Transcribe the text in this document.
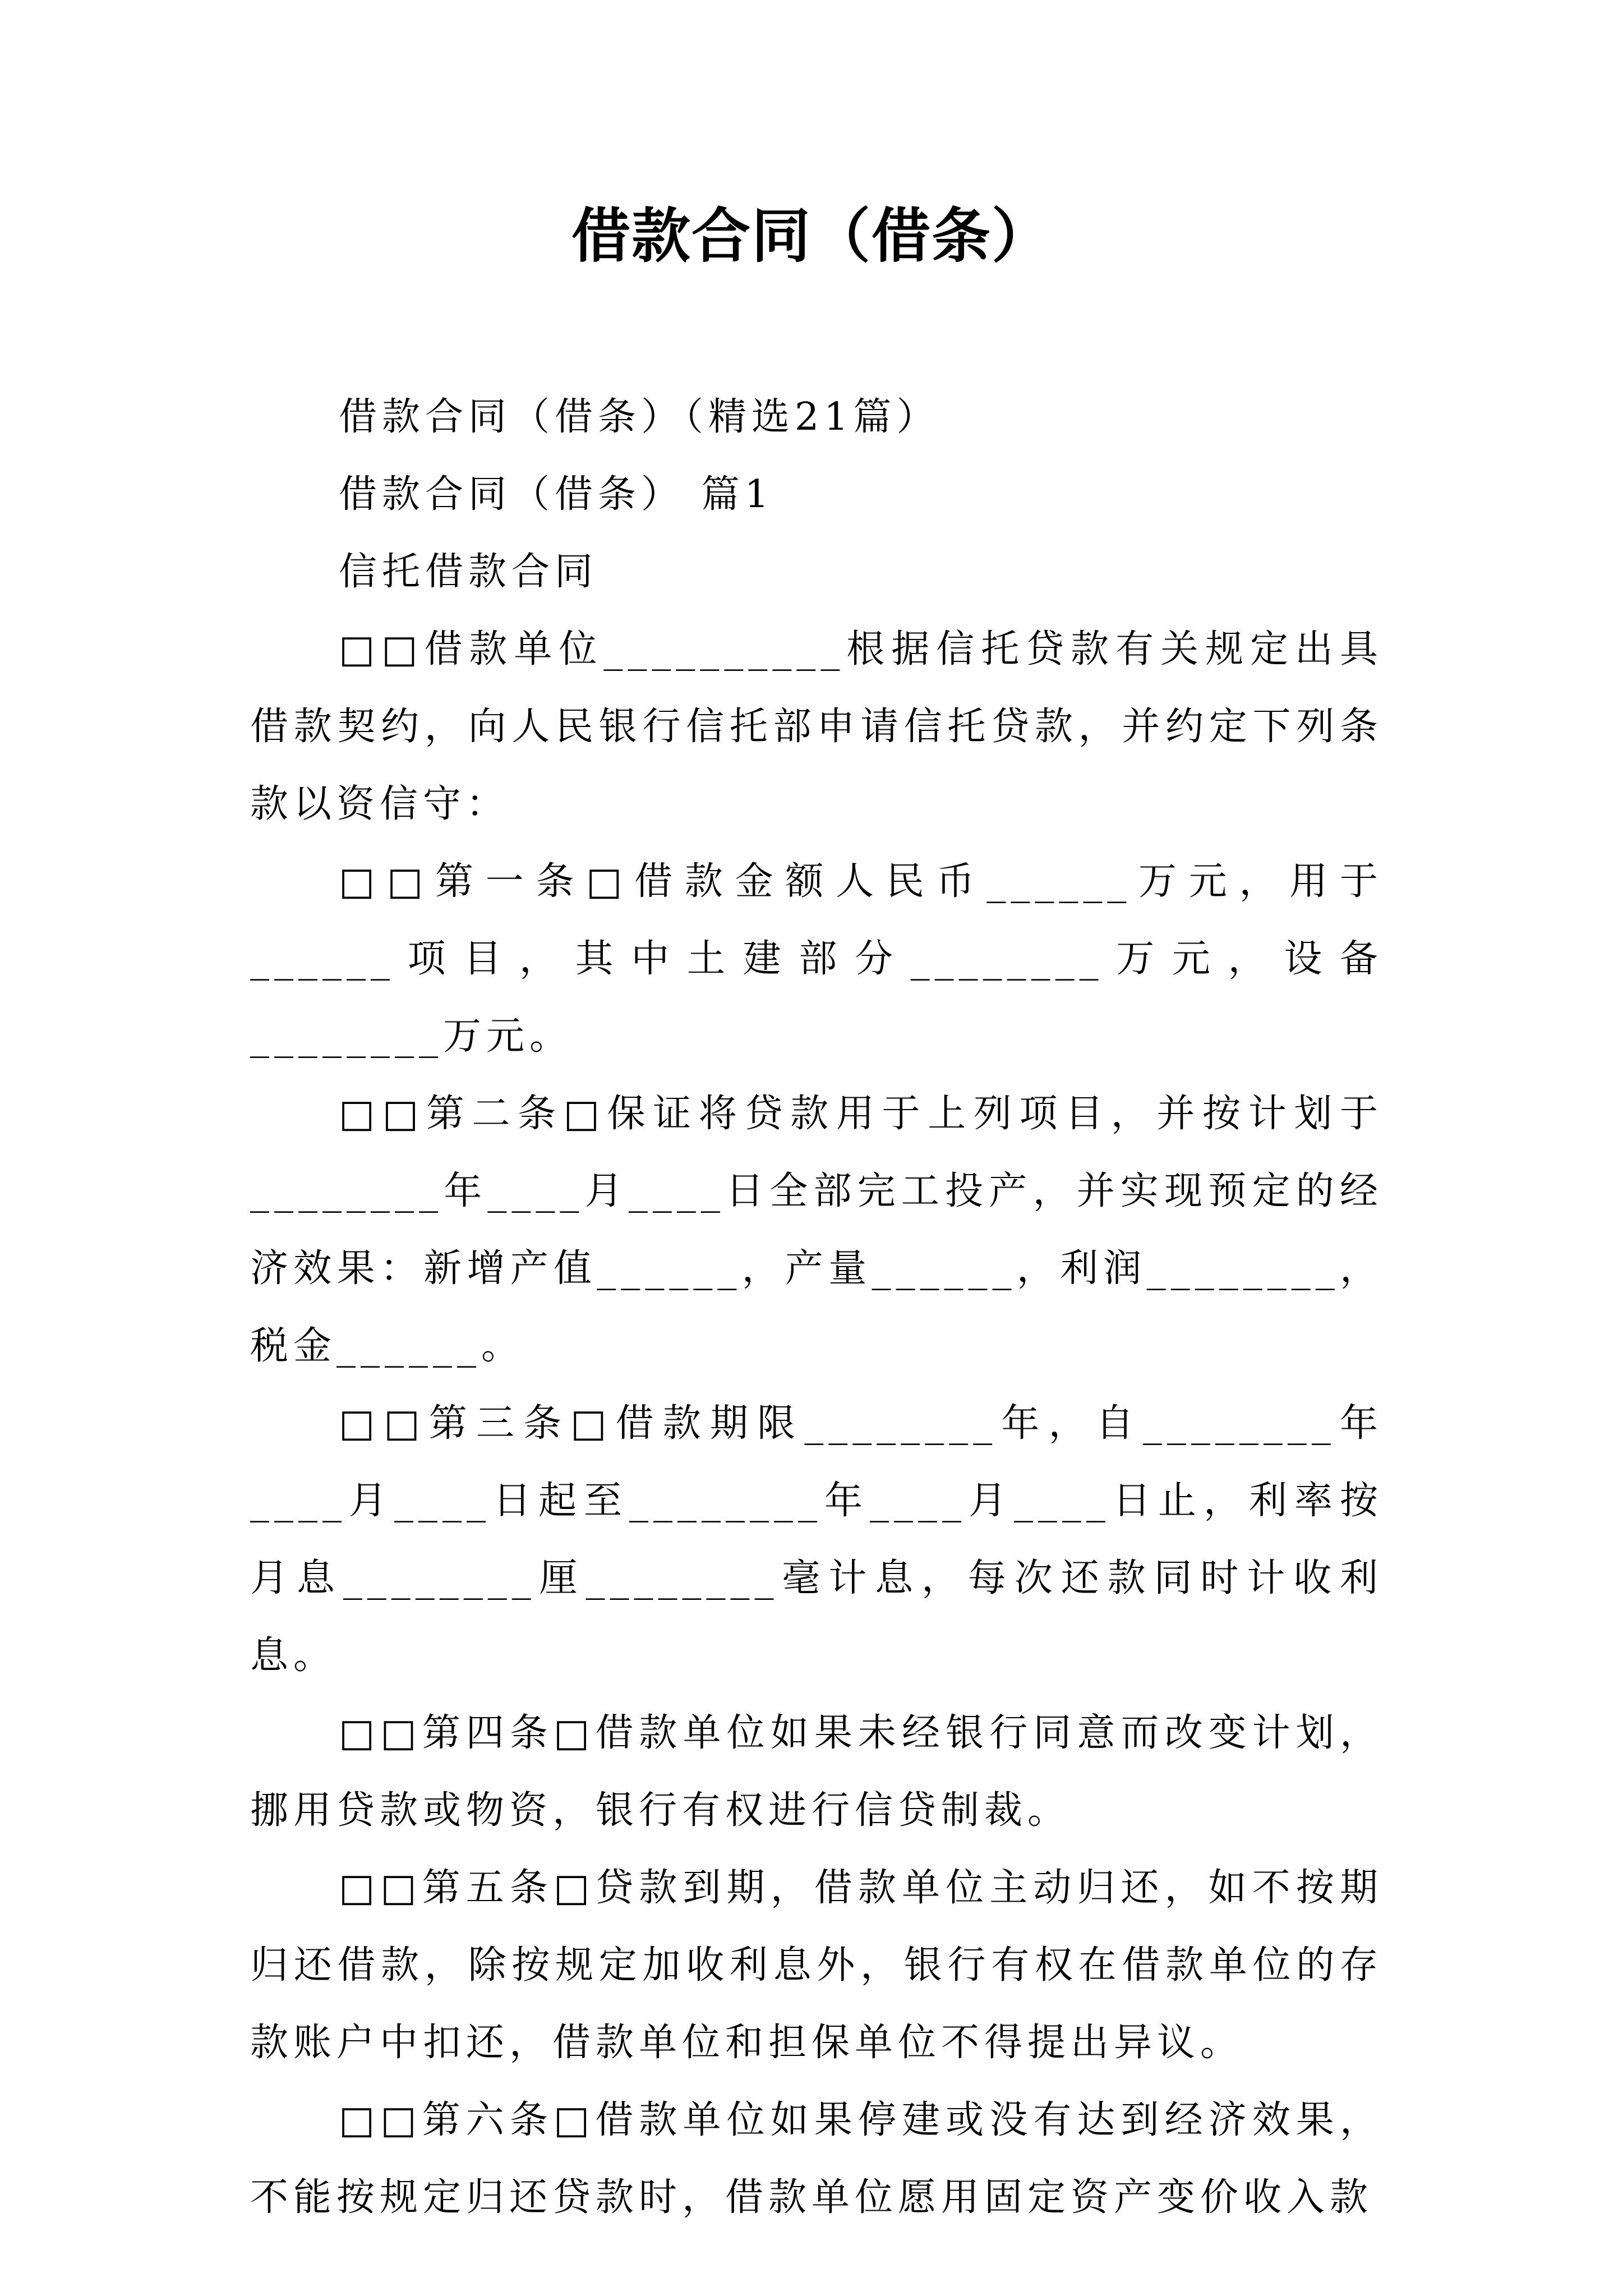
借款合同（借条）

借款合同（借条）（精选21篇）

借款合同（借条） 篇1

信托借款合同

□□借款单位__________根据信托贷款有关规定出具借款契约，向人民银行信托部申请信托贷款，并约定下列条款以资信守：

□□第一条□借款金额人民币______万元，用于______项目，其中土建部分________万元，设备________万元。

□□第二条□保证将贷款用于上列项目，并按计划于________年____月____日全部完工投产，并实现预定的经济效果：新增产值______，产量______，利润________，税金______。

□□第三条□借款期限________年，自________年____月____日起至________年____月____日止，利率按月息________厘________毫计息，每次还款同时计收利息。

□□第四条□借款单位如果未经银行同意而改变计划，挪用贷款或物资，银行有权进行信贷制裁。

□□第五条□贷款到期，借款单位主动归还，如不按期归还借款，除按规定加收利息外，银行有权在借款单位的存款账户中扣还，借款单位和担保单位不得提出异议。

□□第六条□借款单位如果停建或没有达到经济效果，不能按规定归还贷款时，借款单位愿用固定资产变价收入款
